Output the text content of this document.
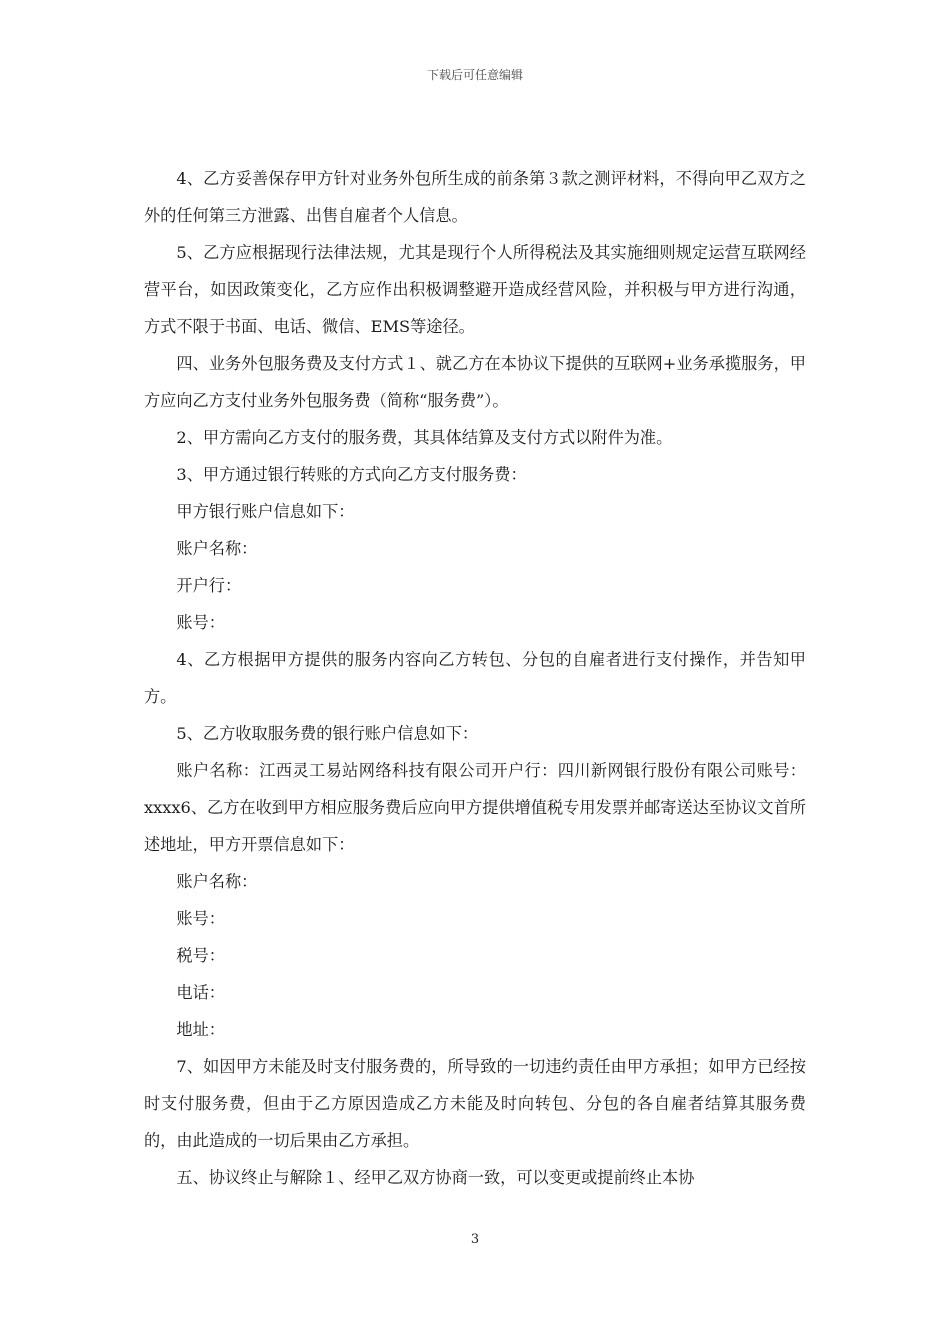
下载后可任意编辑

4、乙方妥善保存甲方针对业务外包所生成的前条第３款之测评材料，不得向甲乙双方之外的任何第三方泄露、出售自雇者个人信息。

5、乙方应根据现行法律法规，尤其是现行个人所得税法及其实施细则规定运营互联网经营平台，如因政策变化，乙方应作出积极调整避开造成经营风险，并积极与甲方进行沟通，方式不限于书面、电话、微信、EMS等途径。

四、业务外包服务费及支付方式１、就乙方在本协议下提供的互联网+业务承揽服务，甲方应向乙方支付业务外包服务费（简称“服务费”）。

2、甲方需向乙方支付的服务费，其具体结算及支付方式以附件为准。

3、甲方通过银行转账的方式向乙方支付服务费：

甲方银行账户信息如下：

账户名称：

开户行：

账号：

4、乙方根据甲方提供的服务内容向乙方转包、分包的自雇者进行支付操作，并告知甲方。

5、乙方收取服务费的银行账户信息如下：

账户名称：江西灵工易站网络科技有限公司开户行：四川新网银行股份有限公司账号：xxxx6、乙方在收到甲方相应服务费后应向甲方提供增值税专用发票并邮寄送达至协议文首所述地址，甲方开票信息如下：

账户名称：

账号：

税号：

电话：

地址：

7、如因甲方未能及时支付服务费的，所导致的一切违约责任由甲方承担；如甲方已经按时支付服务费，但由于乙方原因造成乙方未能及时向转包、分包的各自雇者结算其服务费的，由此造成的一切后果由乙方承担。

五、协议终止与解除１、经甲乙双方协商一致，可以变更或提前终止本协

3
